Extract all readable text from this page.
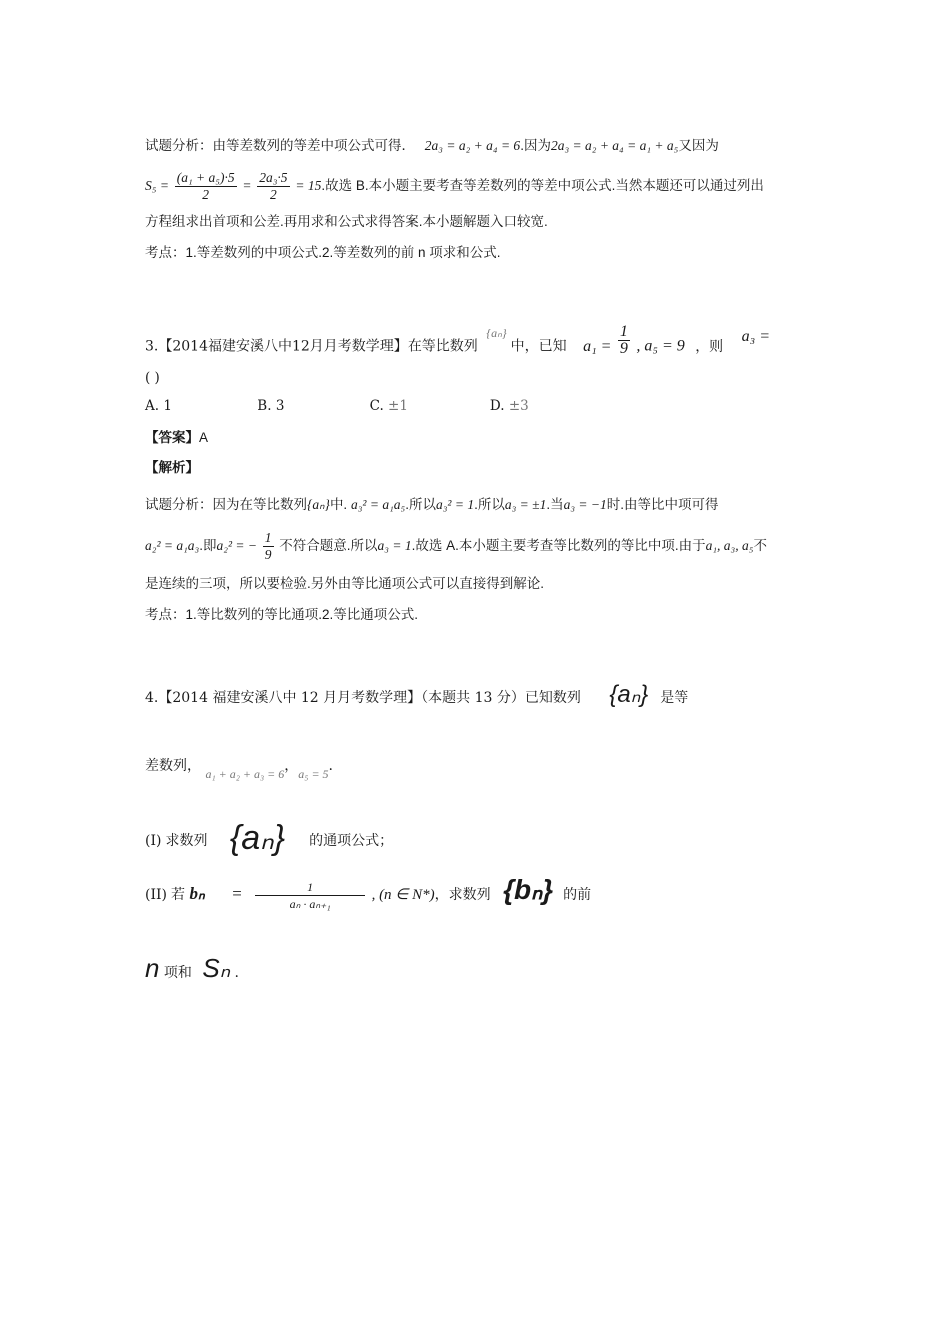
试题分析：由等差数列的等差中项公式可得． 2a₃ = a₂ + a₄ = 6.因为2a₃ = a₂ + a₄ = a₁ + a₅又因为
$S_5 = \frac{\text{(a₁ + a₅)·5}}{2} = \frac{\text{2a₃·5}}{2} = 15$.故选 B.本小题主要考查等差数列的等差中项公式.当然本题还可以通过列出
方程组求出首项和公差.再用求和公式求得答案.本小题解题入口较宽.
考点：1.等差数列的中项公式.2.等差数列的前 n 项求和公式.
3.【2014福建安溪八中12月月考数学理】在等比数列 {aₙ}中，已知 $a_1 = \frac{1}{9}$ , a₅ = 9 ，则 a₃ =
( )
A. 1	B. 3	C. ±1	D. ±3
【答案】A
【解析】
试题分析：因为在等比数列{aₙ}中. a₃² = a₁a₅.所以a₃² = 1.所以a₃ = ±1.当a₃ = −1时.由等比中项可得
a₂² = a₁a₃.即a₂² = − $\frac{1}{9}$ 不符合题意.所以a₃ = 1.故选 A.本小题主要考查等比数列的等比中项.由于a₁, a₃, a₅不
是连续的三项，所以要检验.另外由等比通项公式可以直接得到解论.
考点：1.等比数列的等比通项.2.等比通项公式.
4.【2014 福建安溪八中 12 月月考数学理】（本题共 13 分）已知数列 {aₙ} 是等
差数列， a₁ + a₂ + a₃ = 6，a₅ = 5.
(I) 求数列 {aₙ} 的通项公式；
(II) 若 $b_n = \frac{1}{\text{aₙ · aₙ₊₁}}$ , (n ∈ N*)，求数列 {bₙ} 的前
n 项和 Sₙ .
